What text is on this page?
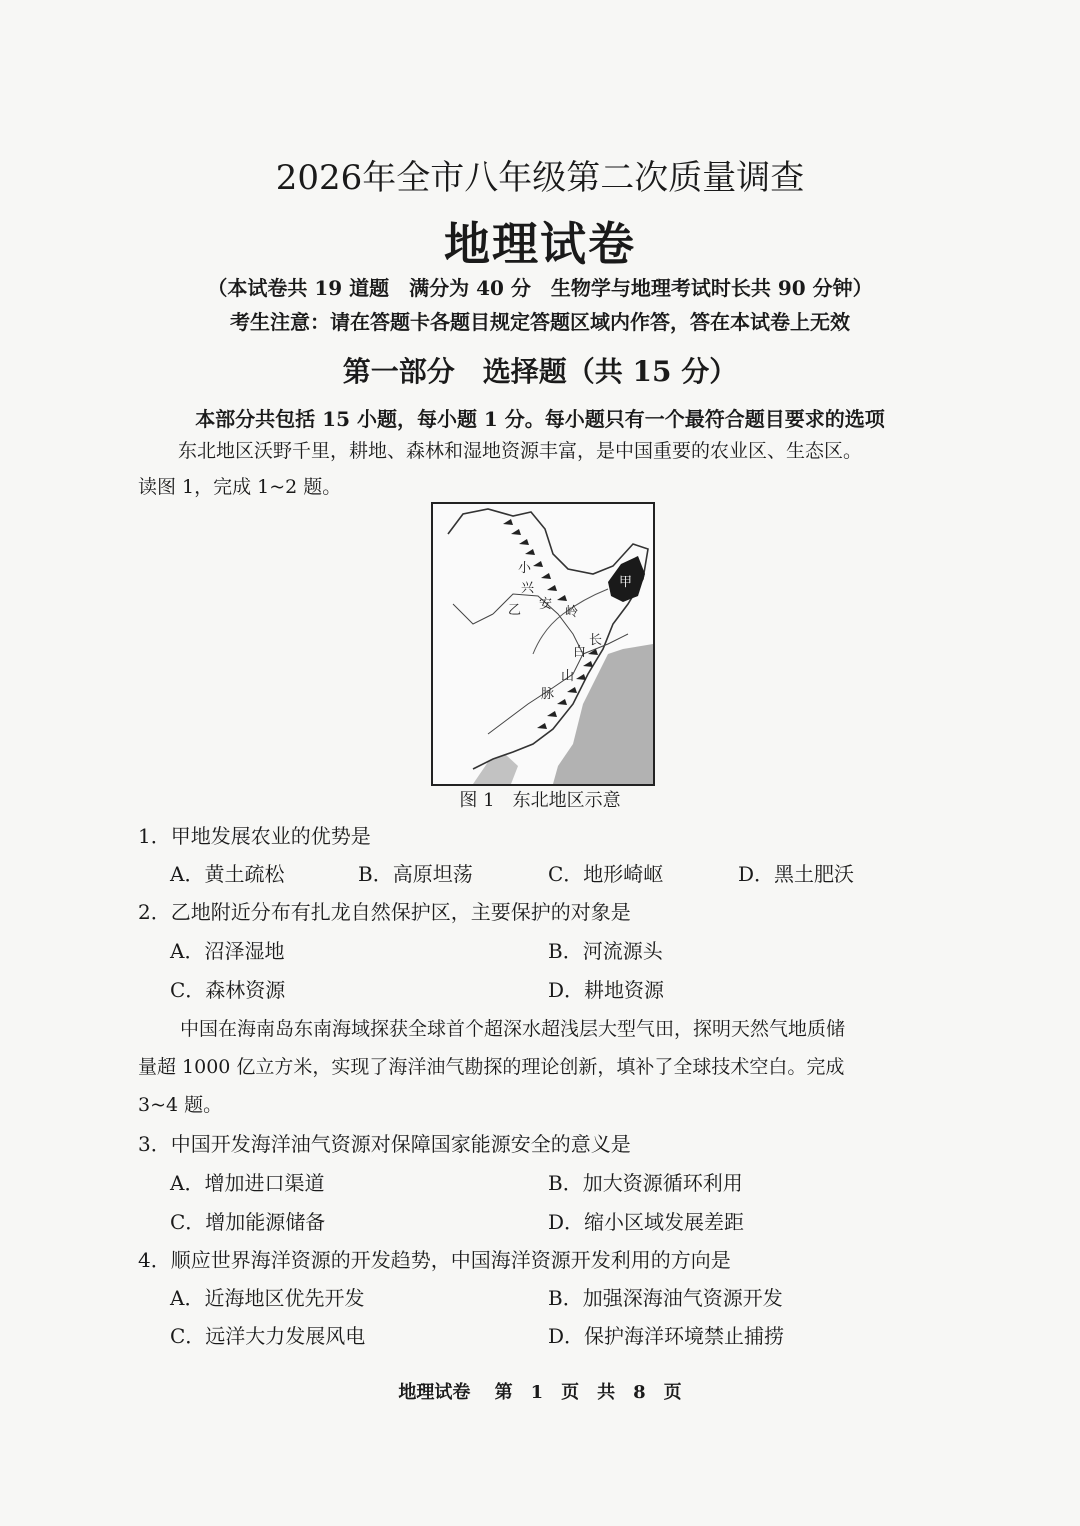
2026年全市八年级第二次质量调查
地理试卷
（本试卷共 19 道题　满分为 40 分　生物学与地理考试时长共 90 分钟）
考生注意：请在答题卡各题目规定答题区域内作答，答在本试卷上无效
第一部分　选择题（共 15 分）
本部分共包括 15 小题，每小题 1 分。每小题只有一个最符合题目要求的选项
东北地区沃野千里，耕地、森林和湿地资源丰富，是中国重要的农业区、生态区。
读图 1，完成 1~2 题。
甲
乙
小
兴
安
岭
长
白
山
脉
图 1　东北地区示意
1．甲地发展农业的优势是
A．黄土疏松	B．高原坦荡	C．地形崎岖	D．黑土肥沃
2．乙地附近分布有扎龙自然保护区，主要保护的对象是
A．沼泽湿地	B．河流源头
C．森林资源	D．耕地资源
中国在海南岛东南海域探获全球首个超深水超浅层大型气田，探明天然气地质储
量超 1000 亿立方米，实现了海洋油气勘探的理论创新，填补了全球技术空白。完成
3~4 题。
3．中国开发海洋油气资源对保障国家能源安全的意义是
A．增加进口渠道	B．加大资源循环利用
C．增加能源储备	D．缩小区域发展差距
4．顺应世界海洋资源的开发趋势，中国海洋资源开发利用的方向是
A．近海地区优先开发	B．加强深海油气资源开发
C．远洋大力发展风电	D．保护海洋环境禁止捕捞
地理试卷　 第　1　页　共　8　页
